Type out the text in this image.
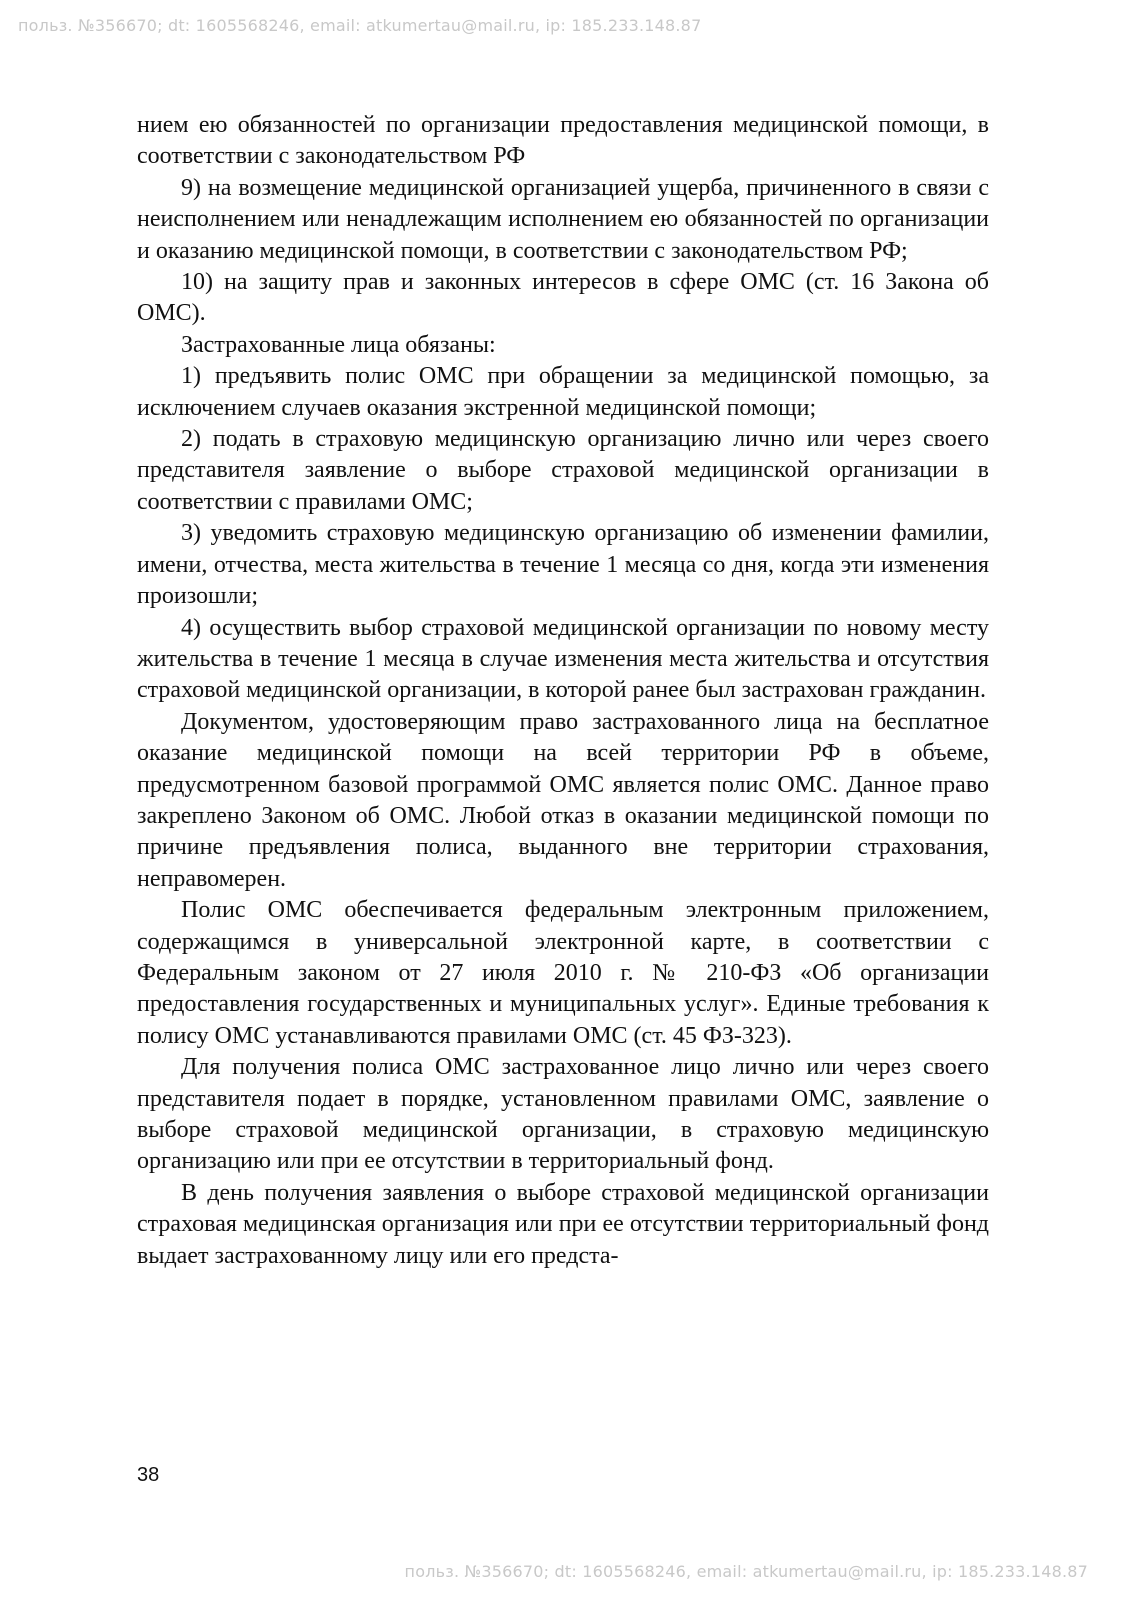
польз. №356670; dt: 1605568246, email: atkumertau@mail.ru, ip: 185.233.148.87

нием ею обязанностей по организации предоставления медицинской помощи, в соответствии с законодательством РФ

9) на возмещение медицинской организацией ущерба, причиненного в связи с неисполнением или ненадлежащим исполнением ею обязанностей по организации и оказанию медицинской помощи, в соответствии с законодательством РФ;

10) на защиту прав и законных интересов в сфере ОМС (ст. 16 Закона об ОМС).

Застрахованные лица обязаны:

1) предъявить полис ОМС при обращении за медицинской помощью, за исключением случаев оказания экстренной медицинской помощи;

2) подать в страховую медицинскую организацию лично или через своего представителя заявление о выборе страховой медицинской организации в соответствии с правилами ОМС;

3) уведомить страховую медицинскую организацию об изменении фамилии, имени, отчества, места жительства в течение 1 месяца со дня, когда эти изменения произошли;

4) осуществить выбор страховой медицинской организации по новому месту жительства в течение 1 месяца в случае изменения места жительства и отсутствия страховой медицинской организации, в которой ранее был застрахован гражданин.

Документом, удостоверяющим право застрахованного лица на бесплатное оказание медицинской помощи на всей территории РФ в объеме, предусмотренном базовой программой ОМС является полис ОМС. Данное право закреплено Законом об ОМС. Любой отказ в оказании медицинской помощи по причине предъявления полиса, выданного вне территории страхования, неправомерен.

Полис ОМС обеспечивается федеральным электронным приложением, содержащимся в универсальной электронной карте, в соответствии с Федеральным законом от 27 июля 2010 г. № 210-ФЗ «Об организации предоставления государственных и муниципальных услуг». Единые требования к полису ОМС устанавливаются правилами ОМС (ст. 45 ФЗ-323).

Для получения полиса ОМС застрахованное лицо лично или через своего представителя подает в порядке, установленном правилами ОМС, заявление о выборе страховой медицинской организации, в страховую медицинскую организацию или при ее отсутствии в территориальный фонд.

В день получения заявления о выборе страховой медицинской организации страховая медицинская организация или при ее отсутствии территориальный фонд выдает застрахованному лицу или его предста-

38
польз. №356670; dt: 1605568246, email: atkumertau@mail.ru, ip: 185.233.148.87
